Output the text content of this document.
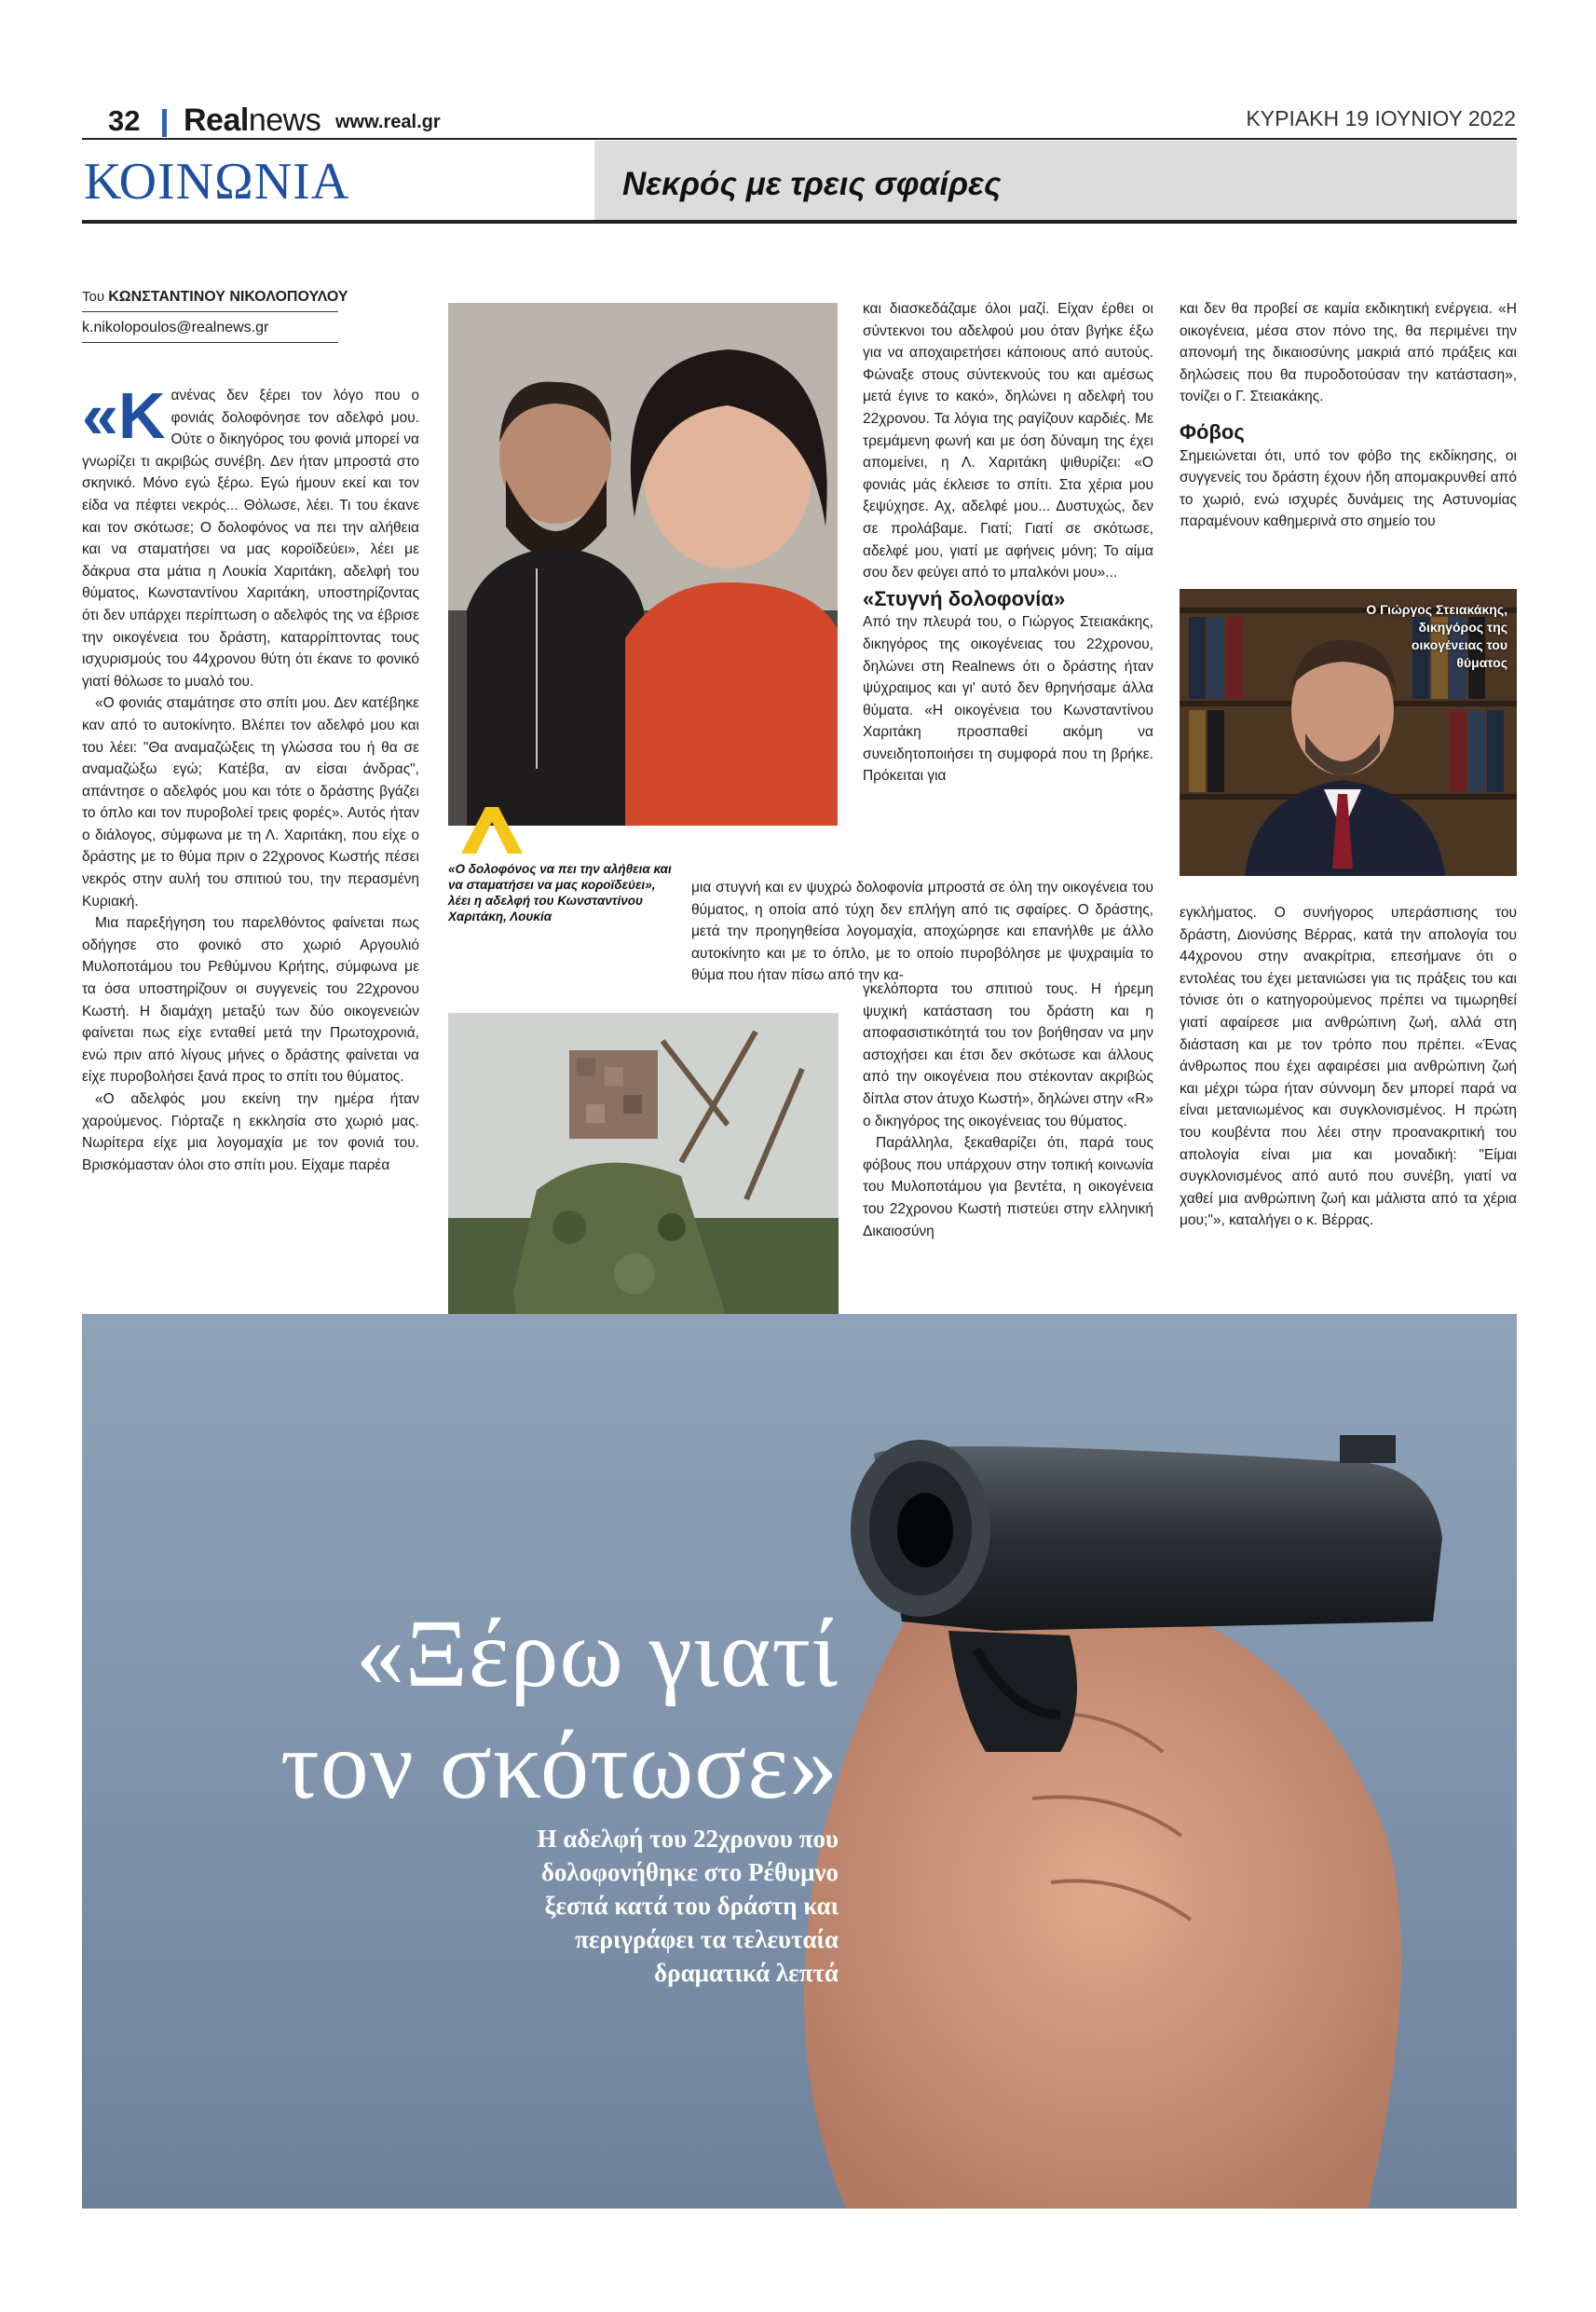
32 Realnews www.real.gr	ΚΥΡΙΑΚΗ 19 ΙΟΥΝΙΟΥ 2022
ΚΟΙΝΩΝΙΑ	Νεκρός με τρεις σφαίρες
Του ΚΩΝΣΤΑΝΤΙΝΟΥ ΝΙΚΟΛΟΠΟΥΛΟΥ
k.nikolopoulos@realnews.gr

«Κ ανένας δεν ξέρει τον λόγο που ο φονιάς δολοφόνησε τον αδελφό μου. Ούτε ο δικηγόρος του φονιά μπορεί να γνωρίζει τι ακριβώς συνέβη. Δεν ήταν μπροστά στο σκηνικό. Μόνο εγώ ξέρω. Εγώ ήμουν εκεί και τον είδα να πέφτει νεκρός... Θόλωσε, λέει. Τι του έκανε και τον σκότωσε; Ο δολοφόνος να πει την αλήθεια και να σταματήσει να μας κοροϊδεύει», λέει με δάκρυα στα μάτια η Λουκία Χαριτάκη, αδελφή του θύματος, Κωνσταντίνου Χαριτάκη, υποστηρίζοντας ότι δεν υπάρχει περίπτωση ο αδελφός της να έβρισε την οικογένεια του δράστη, καταρρίπτοντας τους ισχυρισμούς του 44χρονου θύτη ότι έκανε το φονικό γιατί θόλωσε το μυαλό του.

«Ο φονιάς σταμάτησε στο σπίτι μου. Δεν κατέβηκε καν από το αυτοκίνητο. Βλέπει τον αδελφό μου και του λέει: "Θα αναμαζώξεις τη γλώσσα του ή θα σε αναμαζώξω εγώ; Κατέβα, αν είσαι άνδρας", απάντησε ο αδελφός μου και τότε ο δράστης βγάζει το όπλο και τον πυροβολεί τρεις φορές». Αυτός ήταν ο διάλογος, σύμφωνα με τη Λ. Χαριτάκη, που είχε ο δράστης με το θύμα πριν ο 22χρονος Κωστής πέσει νεκρός στην αυλή του σπιτιού του, την περασμένη Κυριακή.

Μια παρεξήγηση του παρελθόντος φαίνεται πως οδήγησε στο φονικό στο χωριό Αργουλιό Μυλοποτάμου του Ρεθύμνου Κρήτης, σύμφωνα με τα όσα υποστηρίζουν οι συγγενείς του 22χρονου Κωστή. Η διαμάχη μεταξύ των δύο οικογενειών φαίνεται πως είχε ενταθεί μετά την Πρωτοχρονιά, ενώ πριν από λίγους μήνες ο δράστης φαίνεται να είχε πυροβολήσει ξανά προς το σπίτι του θύματος.

«Ο αδελφός μου εκείνη την ημέρα ήταν χαρούμενος. Γιόρταζε η εκκλησία στο χωριό μας. Νωρίτερα είχε μια λογομαχία με τον φονιά του. Βρισκόμασταν όλοι στο σπίτι μου. Είχαμε παρέα

«Ο δολοφόνος να πει την αλήθεια και να σταματήσει να μας κοροϊδεύει», λέει η αδελφή του Κωνσταντίνου Χαριτάκη, Λουκία

και διασκεδάζαμε όλοι μαζί. Είχαν έρθει οι σύντεκνοι του αδελφού μου όταν βγήκε έξω για να αποχαιρετήσει κάποιους από αυτούς. Φώναξε στους σύντεκνούς του και αμέσως μετά έγινε το κακό», δηλώνει η αδελφή του 22χρονου. Τα λόγια της ραγίζουν καρδιές. Με τρεμάμενη φωνή και με όση δύναμη της έχει απομείνει, η Λ. Χαριτάκη ψιθυρίζει: «Ο φονιάς μάς έκλεισε το σπίτι. Στα χέρια μου ξεψύχησε. Αχ, αδελφέ μου... Δυστυχώς, δεν σε προλάβαμε. Γιατί; Γιατί σε σκότωσε, αδελφέ μου, γιατί με αφήνεις μόνη; Το αίμα σου δεν φεύγει από το μπαλκόνι μου»...

«Στυγνή δολοφονία»

Από την πλευρά του, ο Γιώργος Στειακάκης, δικηγόρος της οικογένειας του 22χρονου, δηλώνει στη Realnews ότι ο δράστης ήταν ψύχραιμος και γι' αυτό δεν θρηνήσαμε άλλα θύματα. «Η οικογένεια του Κωνσταντίνου Χαριτάκη προσπαθεί ακόμη να συνειδητοποιήσει τη συμφορά που τη βρήκε. Πρόκειται για

μια στυγνή και εν ψυχρώ δολοφονία μπροστά σε όλη την οικογένεια του θύματος, η οποία από τύχη δεν επλήγη από τις σφαίρες. Ο δράστης, μετά την προηγηθείσα λογομαχία, αποχώρησε και επανήλθε με άλλο αυτοκίνητο και με το όπλο, με το οποίο πυροβόλησε με ψυχραιμία το θύμα που ήταν πίσω από την κα-

γκελόπορτα του σπιτιού τους. Η ήρεμη ψυχική κατάσταση του δράστη και η αποφασιστικότητά του τον βοήθησαν να μην αστοχήσει και έτσι δεν σκότωσε και άλλους από την οικογένεια που στέκονταν ακριβώς δίπλα στον άτυχο Κωστή», δηλώνει στην «R» ο δικηγόρος της οικογένειας του θύματος.

Παράλληλα, ξεκαθαρίζει ότι, παρά τους φόβους που υπάρχουν στην τοπική κοινωνία του Μυλοποτάμου για βεντέτα, η οικογένεια του 22χρονου Κωστή πιστεύει στην ελληνική Δικαιοσύνη

και δεν θα προβεί σε καμία εκδικητική ενέργεια. «Η οικογένεια, μέσα στον πόνο της, θα περιμένει την απονομή της δικαιοσύνης μακριά από πράξεις και δηλώσεις που θα πυροδοτούσαν την κατάσταση», τονίζει ο Γ. Στειακάκης.

Φόβος

Σημειώνεται ότι, υπό τον φόβο της εκδίκησης, οι συγγενείς του δράστη έχουν ήδη απομακρυνθεί από το χωριό, ενώ ισχυρές δυνάμεις της Αστυνομίας παραμένουν καθημερινά στο σημείο του

Ο Γιώργος Στειακάκης, δικηγόρος της οικογένειας του θύματος

εγκλήματος. Ο συνήγορος υπεράσπισης του δράστη, Διονύσης Βέρρας, κατά την απολογία του 44χρονου στην ανακρίτρια, επεσήμανε ότι ο εντολέας του έχει μετανιώσει για τις πράξεις του και τόνισε ότι ο κατηγορούμενος πρέπει να τιμωρηθεί γιατί αφαίρεσε μια ανθρώπινη ζωή, αλλά στη διάσταση και με τον τρόπο που πρέπει. «Ένας άνθρωπος που έχει αφαιρέσει μια ανθρώπινη ζωή και μέχρι τώρα ήταν σύννομη δεν μπορεί παρά να είναι μετανιωμένος και συγκλονισμένος. Η πρώτη του κουβέντα που λέει στην προανακριτική του απολογία είναι μια και μοναδική: "Είμαι συγκλονισμένος από αυτό που συνέβη, γιατί να χαθεί μια ανθρώπινη ζωή και μάλιστα από τα χέρια μου;"», καταλήγει ο κ. Βέρρας.

«Ξέρω γιατί
τον σκότωσε»
Η αδελφή του 22χρονου που δολοφονήθηκε στο Ρέθυμνο ξεσπά κατά του δράστη και περιγράφει τα τελευταία δραματικά λεπτά
